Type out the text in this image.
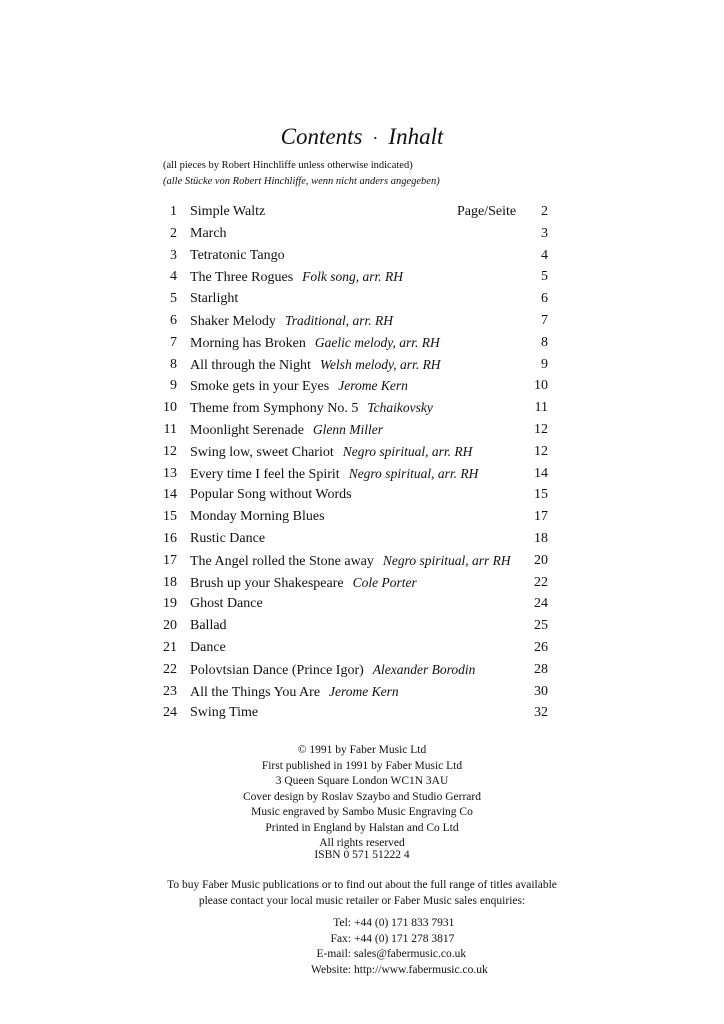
Contents · Inhalt
(all pieces by Robert Hinchliffe unless otherwise indicated)
(alle Stücke von Robert Hinchliffe, wenn nicht anders angegeben)
1 Simple Waltz	Page/Seite 2
2 March	3
3 Tetratonic Tango	4
4 The Three Rogues Folk song, arr. RH	5
5 Starlight	6
6 Shaker Melody Traditional, arr. RH	7
7 Morning has Broken Gaelic melody, arr. RH	8
8 All through the Night Welsh melody, arr. RH	9
9 Smoke gets in your Eyes Jerome Kern	10
10 Theme from Symphony No. 5 Tchaikovsky	11
11 Moonlight Serenade Glenn Miller	12
12 Swing low, sweet Chariot Negro spiritual, arr. RH	12
13 Every time I feel the Spirit Negro spiritual, arr. RH	14
14 Popular Song without Words	15
15 Monday Morning Blues	17
16 Rustic Dance	18
17 The Angel rolled the Stone away Negro spiritual, arr RH 20
18 Brush up your Shakespeare Cole Porter	22
19 Ghost Dance	24
20 Ballad	25
21 Dance	26
22 Polovtsian Dance (Prince Igor) Alexander Borodin	28
23 All the Things You Are Jerome Kern	30
24 Swing Time	32
© 1991 by Faber Music Ltd
First published in 1991 by Faber Music Ltd
3 Queen Square London WC1N 3AU
Cover design by Roslav Szaybo and Studio Gerrard
Music engraved by Sambo Music Engraving Co
Printed in England by Halstan and Co Ltd
All rights reserved
ISBN 0 571 51222 4
To buy Faber Music publications or to find out about the full range of titles available
please contact your local music retailer or Faber Music sales enquiries:
Tel: +44 (0) 171 833 7931
Fax: +44 (0) 171 278 3817
E-mail: sales@fabermusic.co.uk
Website: http://www.fabermusic.co.uk
